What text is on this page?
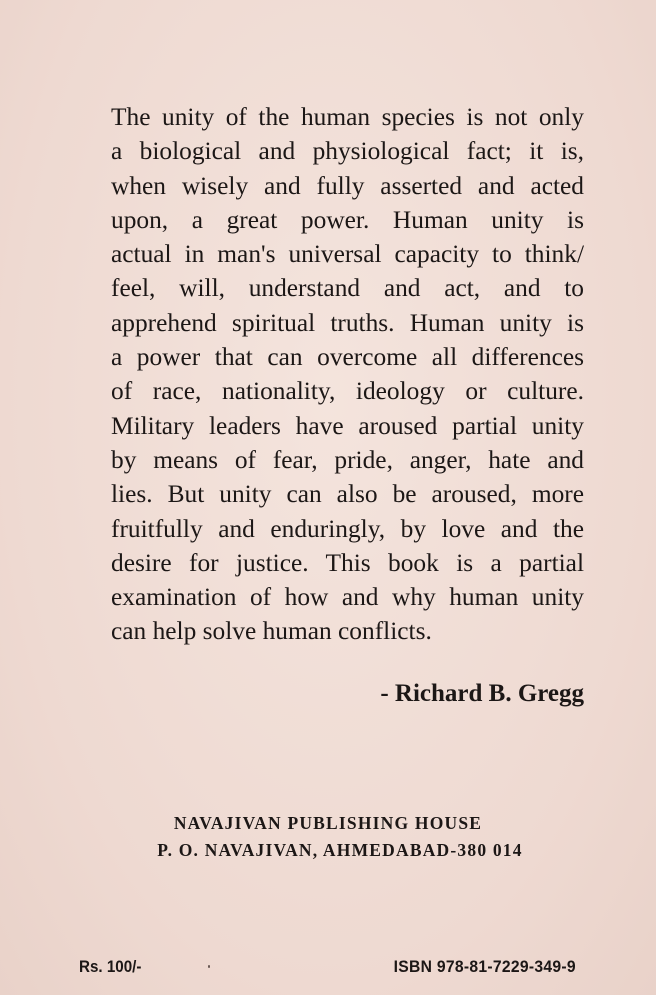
The unity of the human species is not only
a biological and physiological fact; it is,
when wisely and fully asserted and acted
upon, a great power. Human unity is
actual in man's universal capacity to think/
feel, will, understand and act, and to
apprehend spiritual truths. Human unity is
a power that can overcome all differences
of race, nationality, ideology or culture.
Military leaders have aroused partial unity
by means of fear, pride, anger, hate and
lies. But unity can also be aroused, more
fruitfully and enduringly, by love and the
desire for justice. This book is a partial
examination of how and why human unity
can help solve human conflicts.
- Richard B. Gregg
NAVAJIVAN PUBLISHING HOUSE
P. O. NAVAJIVAN, AHMEDABAD-380 014
Rs. 100/-	ISBN 978-81-7229-349-9
